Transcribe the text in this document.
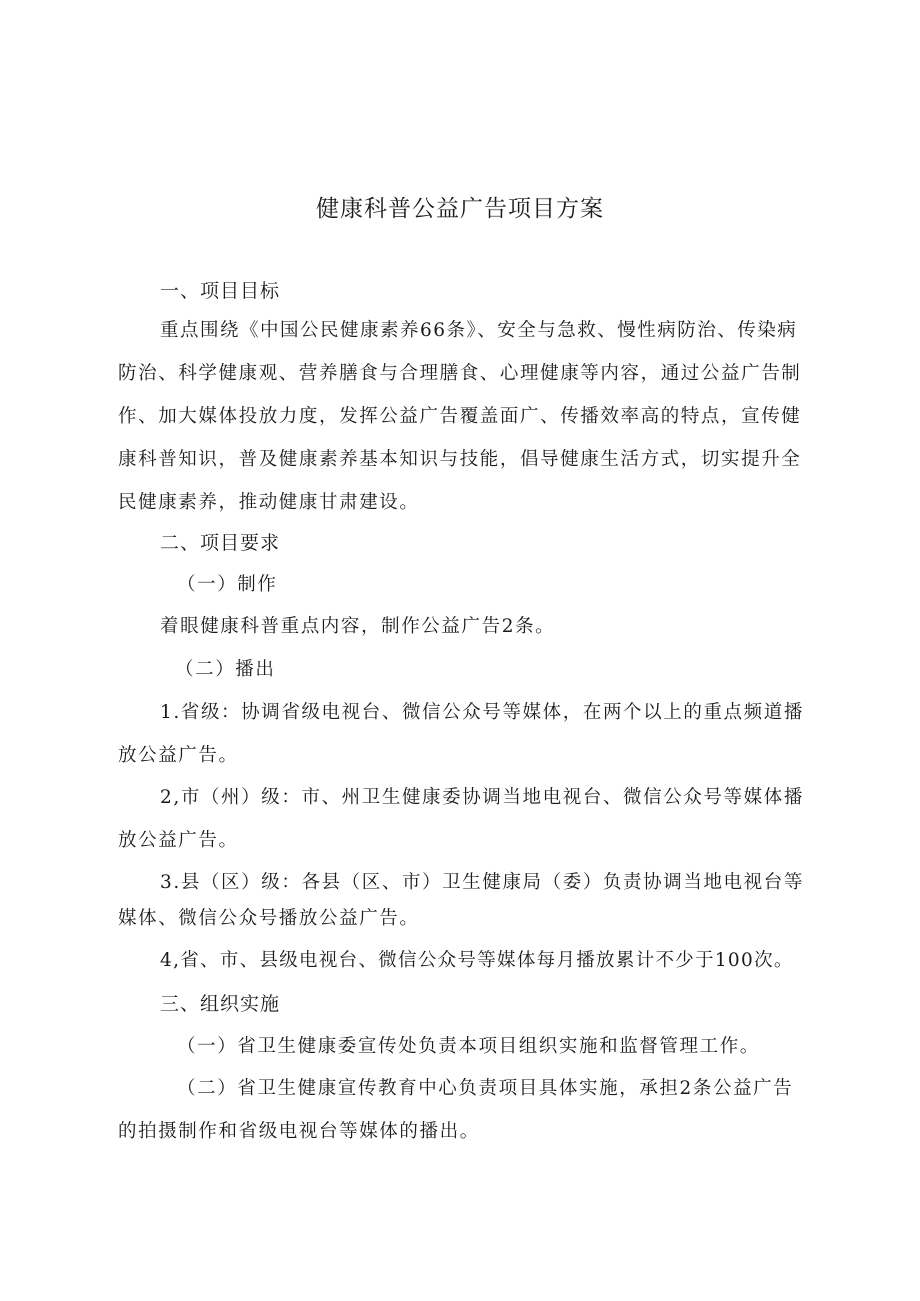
健康科普公益广告项目方案
一、项目目标
重点围绕《中国公民健康素养66条》、安全与急救、慢性病防治、传染病
防治、科学健康观、营养膳食与合理膳食、心理健康等内容，通过公益广告制
作、加大媒体投放力度，发挥公益广告覆盖面广、传播效率高的特点，宣传健
康科普知识，普及健康素养基本知识与技能，倡导健康生活方式，切实提升全
民健康素养，推动健康甘肃建设。
二、项目要求
（一）制作
着眼健康科普重点内容，制作公益广告2条。
（二）播出
1.省级：协调省级电视台、微信公众号等媒体，在两个以上的重点频道播
放公益广告。
2,市（州）级：市、州卫生健康委协调当地电视台、微信公众号等媒体播
放公益广告。
3.县（区）级：各县（区、市）卫生健康局（委）负责协调当地电视台等
媒体、微信公众号播放公益广告。
4,省、市、县级电视台、微信公众号等媒体每月播放累计不少于100次。
三、组织实施
（一）省卫生健康委宣传处负责本项目组织实施和监督管理工作。
（二）省卫生健康宣传教育中心负责项目具体实施，承担2条公益广告
的拍摄制作和省级电视台等媒体的播出。
